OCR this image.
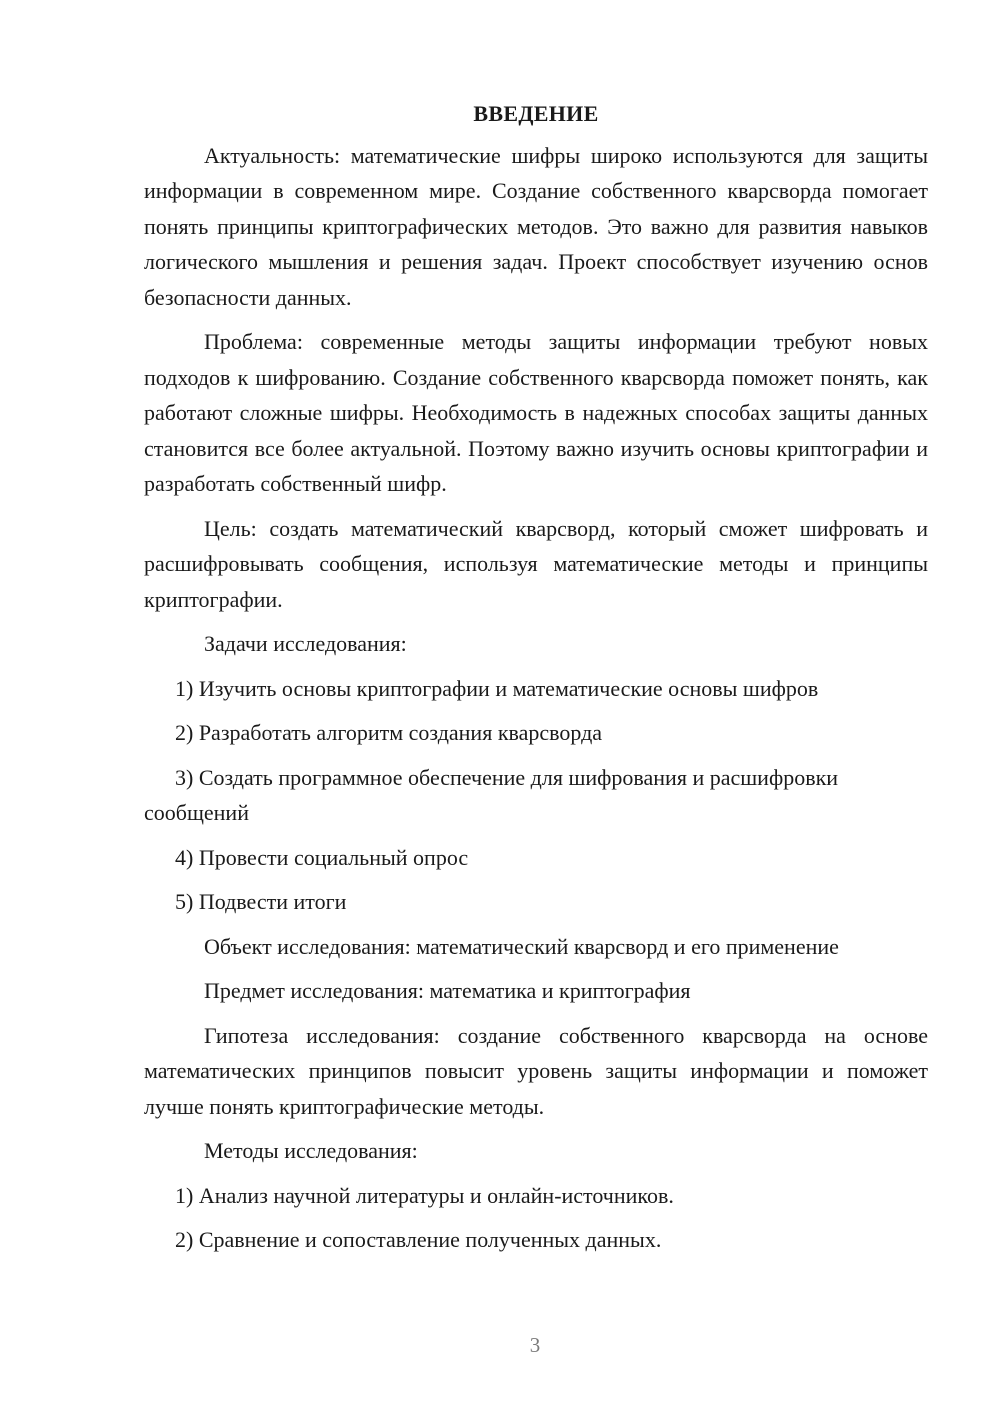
ВВЕДЕНИЕ

Актуальность: математические шифры широко используются для защиты информации в современном мире. Создание собственного кварсворда помогает понять принципы криптографических методов. Это важно для развития навыков логического мышления и решения задач. Проект способствует изучению основ безопасности данных.

Проблема: современные методы защиты информации требуют новых подходов к шифрованию. Создание собственного кварсворда поможет понять, как работают сложные шифры. Необходимость в надежных способах защиты данных становится все более актуальной. Поэтому важно изучить основы криптографии и разработать собственный шифр.

Цель: создать математический кварсворд, который сможет шифровать и расшифровывать сообщения, используя математические методы и принципы криптографии.

Задачи исследования:

1) Изучить основы криптографии и математические основы шифров
2) Разработать алгоритм создания кварсворда
3) Создать программное обеспечение для шифрования и расшифровки сообщений
4) Провести социальный опрос
5) Подвести итоги

Объект исследования: математический кварсворд и его применение

Предмет исследования: математика и криптография

Гипотеза исследования: создание собственного кварсворда на основе математических принципов повысит уровень защиты информации и поможет лучше понять криптографические методы.

Методы исследования:

1) Анализ научной литературы и онлайн-источников.
2) Сравнение и сопоставление полученных данных.
3
